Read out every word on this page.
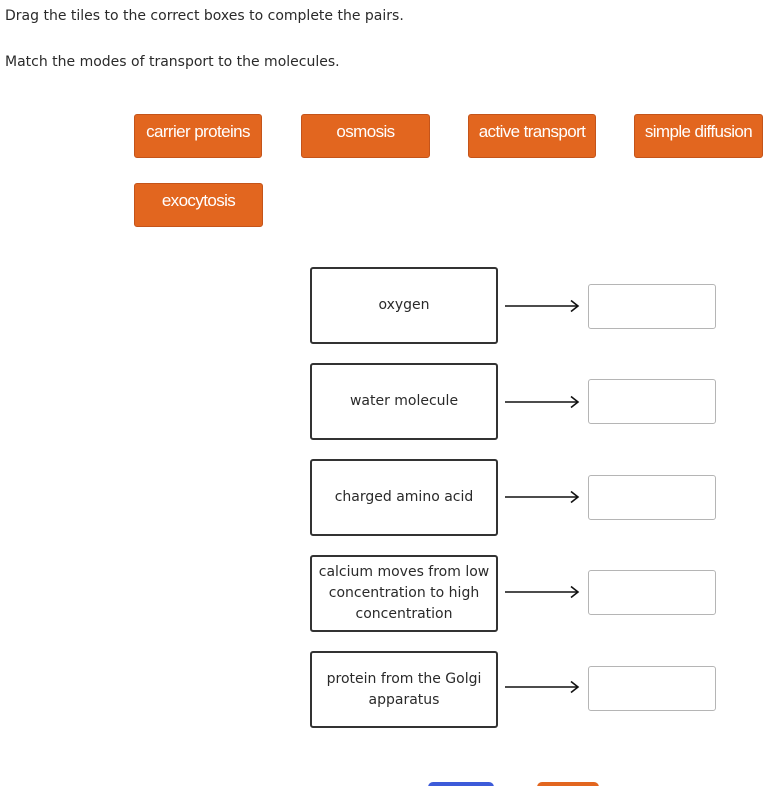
Drag the tiles to the correct boxes to complete the pairs.
Match the modes of transport to the molecules.
carrier proteins	osmosis	active transport	simple diffusion
exocytosis
oxygen
water molecule
charged amino acid
calcium moves from low concentration to high concentration
protein from the Golgi apparatus
